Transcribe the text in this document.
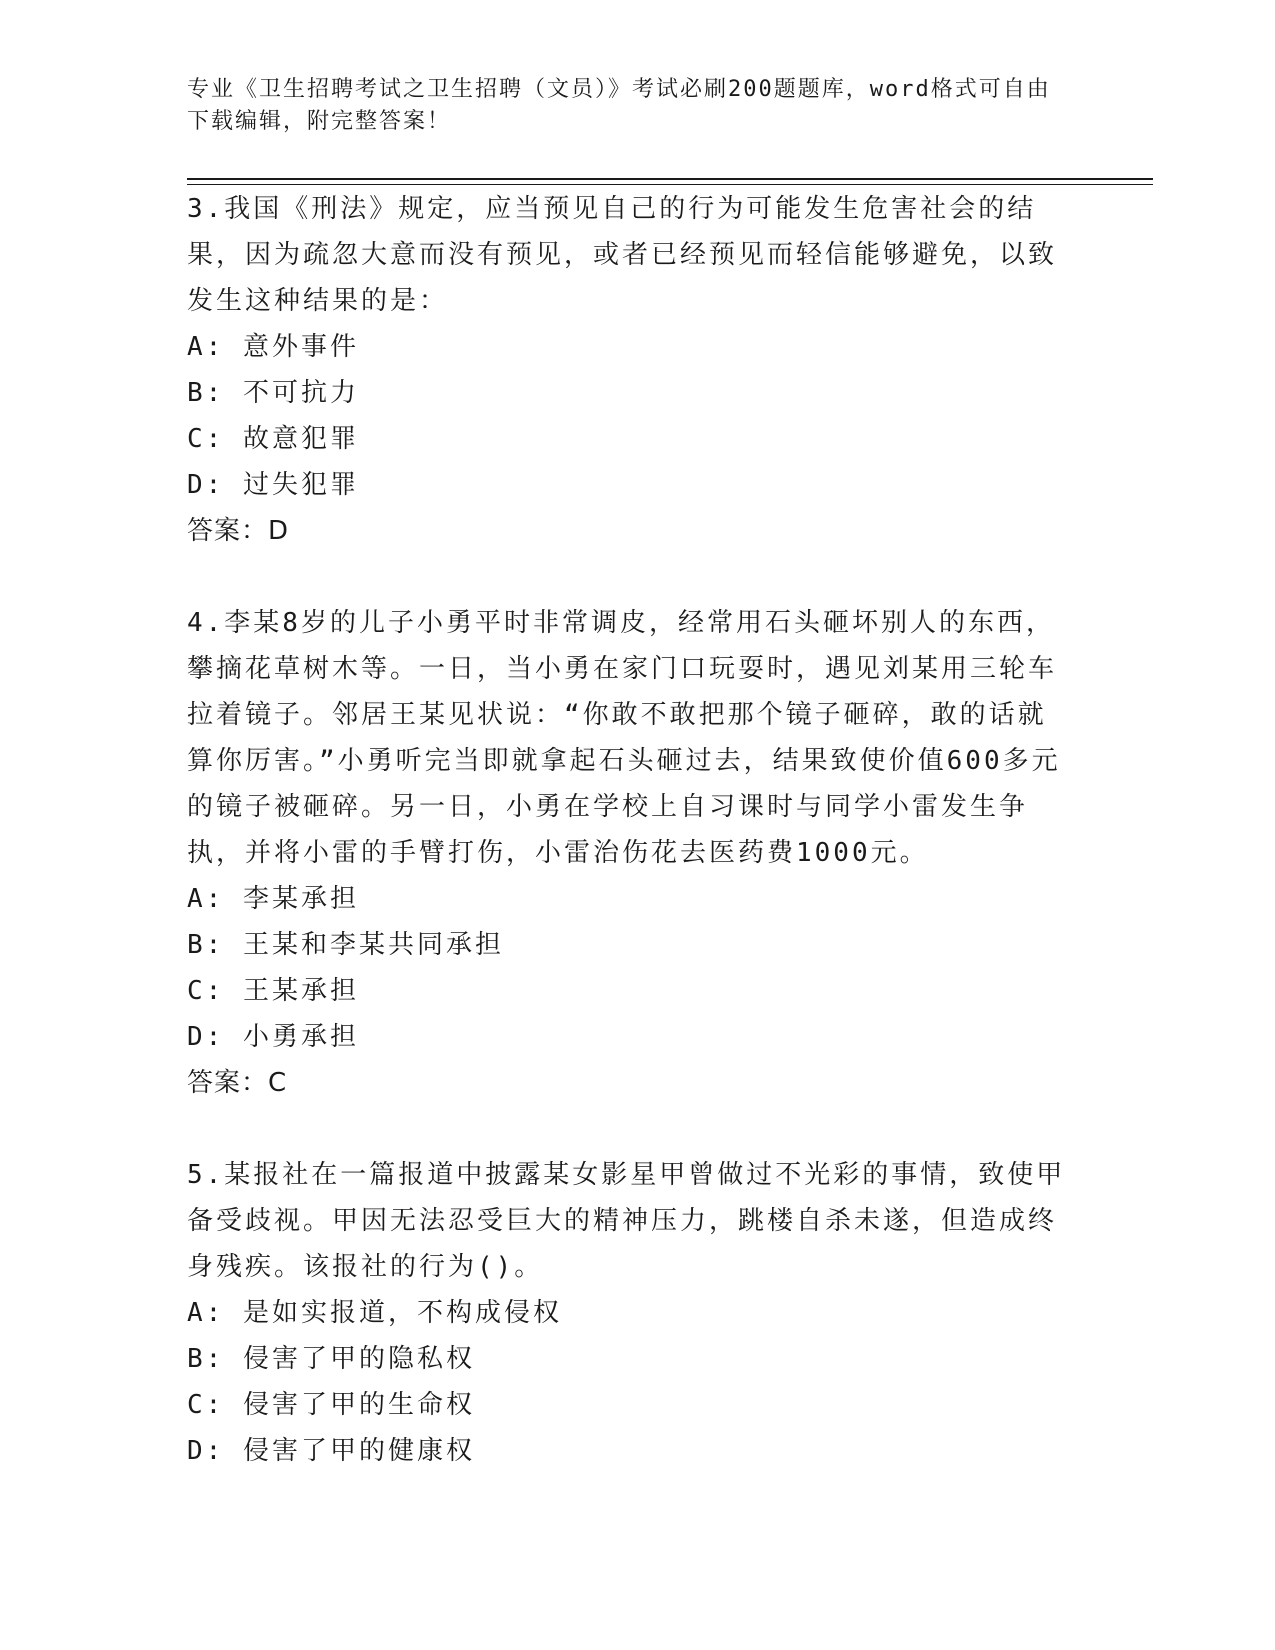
专业《卫生招聘考试之卫生招聘（文员）》考试必刷200题题库，word格式可自由下载编辑，附完整答案！

3.我国《刑法》规定，应当预见自己的行为可能发生危害社会的结果，因为疏忽大意而没有预见，或者已经预见而轻信能够避免，以致发生这种结果的是：

A: 意外事件
B: 不可抗力
C: 故意犯罪
D: 过失犯罪
答案：D

4.李某8岁的儿子小勇平时非常调皮，经常用石头砸坏别人的东西，攀摘花草树木等。一日，当小勇在家门口玩耍时，遇见刘某用三轮车拉着镜子。邻居王某见状说：“你敢不敢把那个镜子砸碎，敢的话就算你厉害。”小勇听完当即就拿起石头砸过去，结果致使价值600多元的镜子被砸碎。另一日，小勇在学校上自习课时与同学小雷发生争执，并将小雷的手臂打伤，小雷治伤花去医药费1000元。

A: 李某承担
B: 王某和李某共同承担
C: 王某承担
D: 小勇承担
答案：C

5.某报社在一篇报道中披露某女影星甲曾做过不光彩的事情，致使甲备受歧视。甲因无法忍受巨大的精神压力，跳楼自杀未遂，但造成终身残疾。该报社的行为()。

A: 是如实报道，不构成侵权
B: 侵害了甲的隐私权
C: 侵害了甲的生命权
D: 侵害了甲的健康权
